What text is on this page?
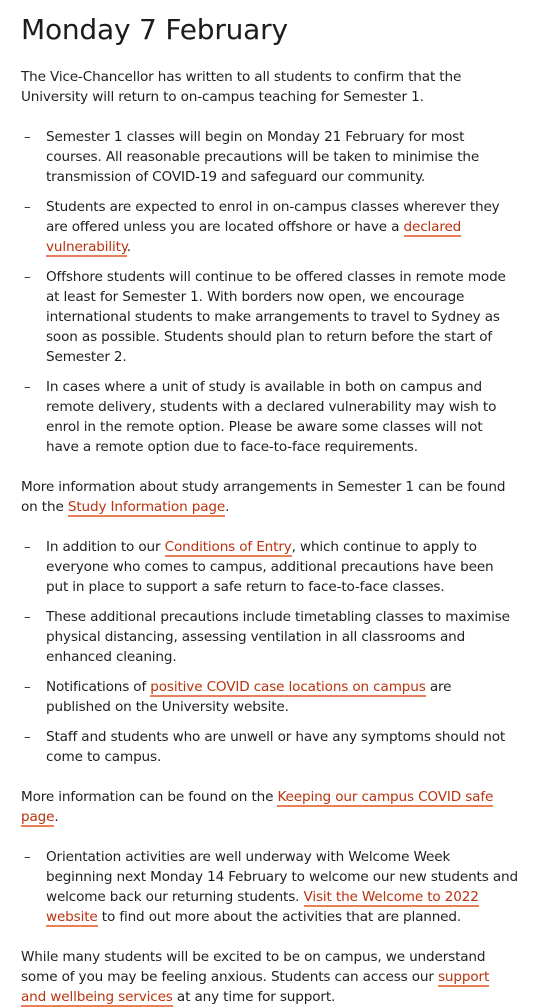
Monday 7 February

The Vice-Chancellor has written to all students to confirm that the University will return to on-campus teaching for Semester 1.

– Semester 1 classes will begin on Monday 21 February for most courses. All reasonable precautions will be taken to minimise the transmission of COVID-19 and safeguard our community.
– Students are expected to enrol in on-campus classes wherever they are offered unless you are located offshore or have a declared vulnerability.
– Offshore students will continue to be offered classes in remote mode at least for Semester 1. With borders now open, we encourage international students to make arrangements to travel to Sydney as soon as possible. Students should plan to return before the start of Semester 2.
– In cases where a unit of study is available in both on campus and remote delivery, students with a declared vulnerability may wish to enrol in the remote option. Please be aware some classes will not have a remote option due to face-to-face requirements.

More information about study arrangements in Semester 1 can be found on the Study Information page.

– In addition to our Conditions of Entry, which continue to apply to everyone who comes to campus, additional precautions have been put in place to support a safe return to face-to-face classes.
– These additional precautions include timetabling classes to maximise physical distancing, assessing ventilation in all classrooms and enhanced cleaning.
– Notifications of positive COVID case locations on campus are published on the University website.
– Staff and students who are unwell or have any symptoms should not come to campus.

More information can be found on the Keeping our campus COVID safe page.

– Orientation activities are well underway with Welcome Week beginning next Monday 14 February to welcome our new students and welcome back our returning students. Visit the Welcome to 2022 website to find out more about the activities that are planned.

While many students will be excited to be on campus, we understand some of you may be feeling anxious. Students can access our support and wellbeing services at any time for support.
